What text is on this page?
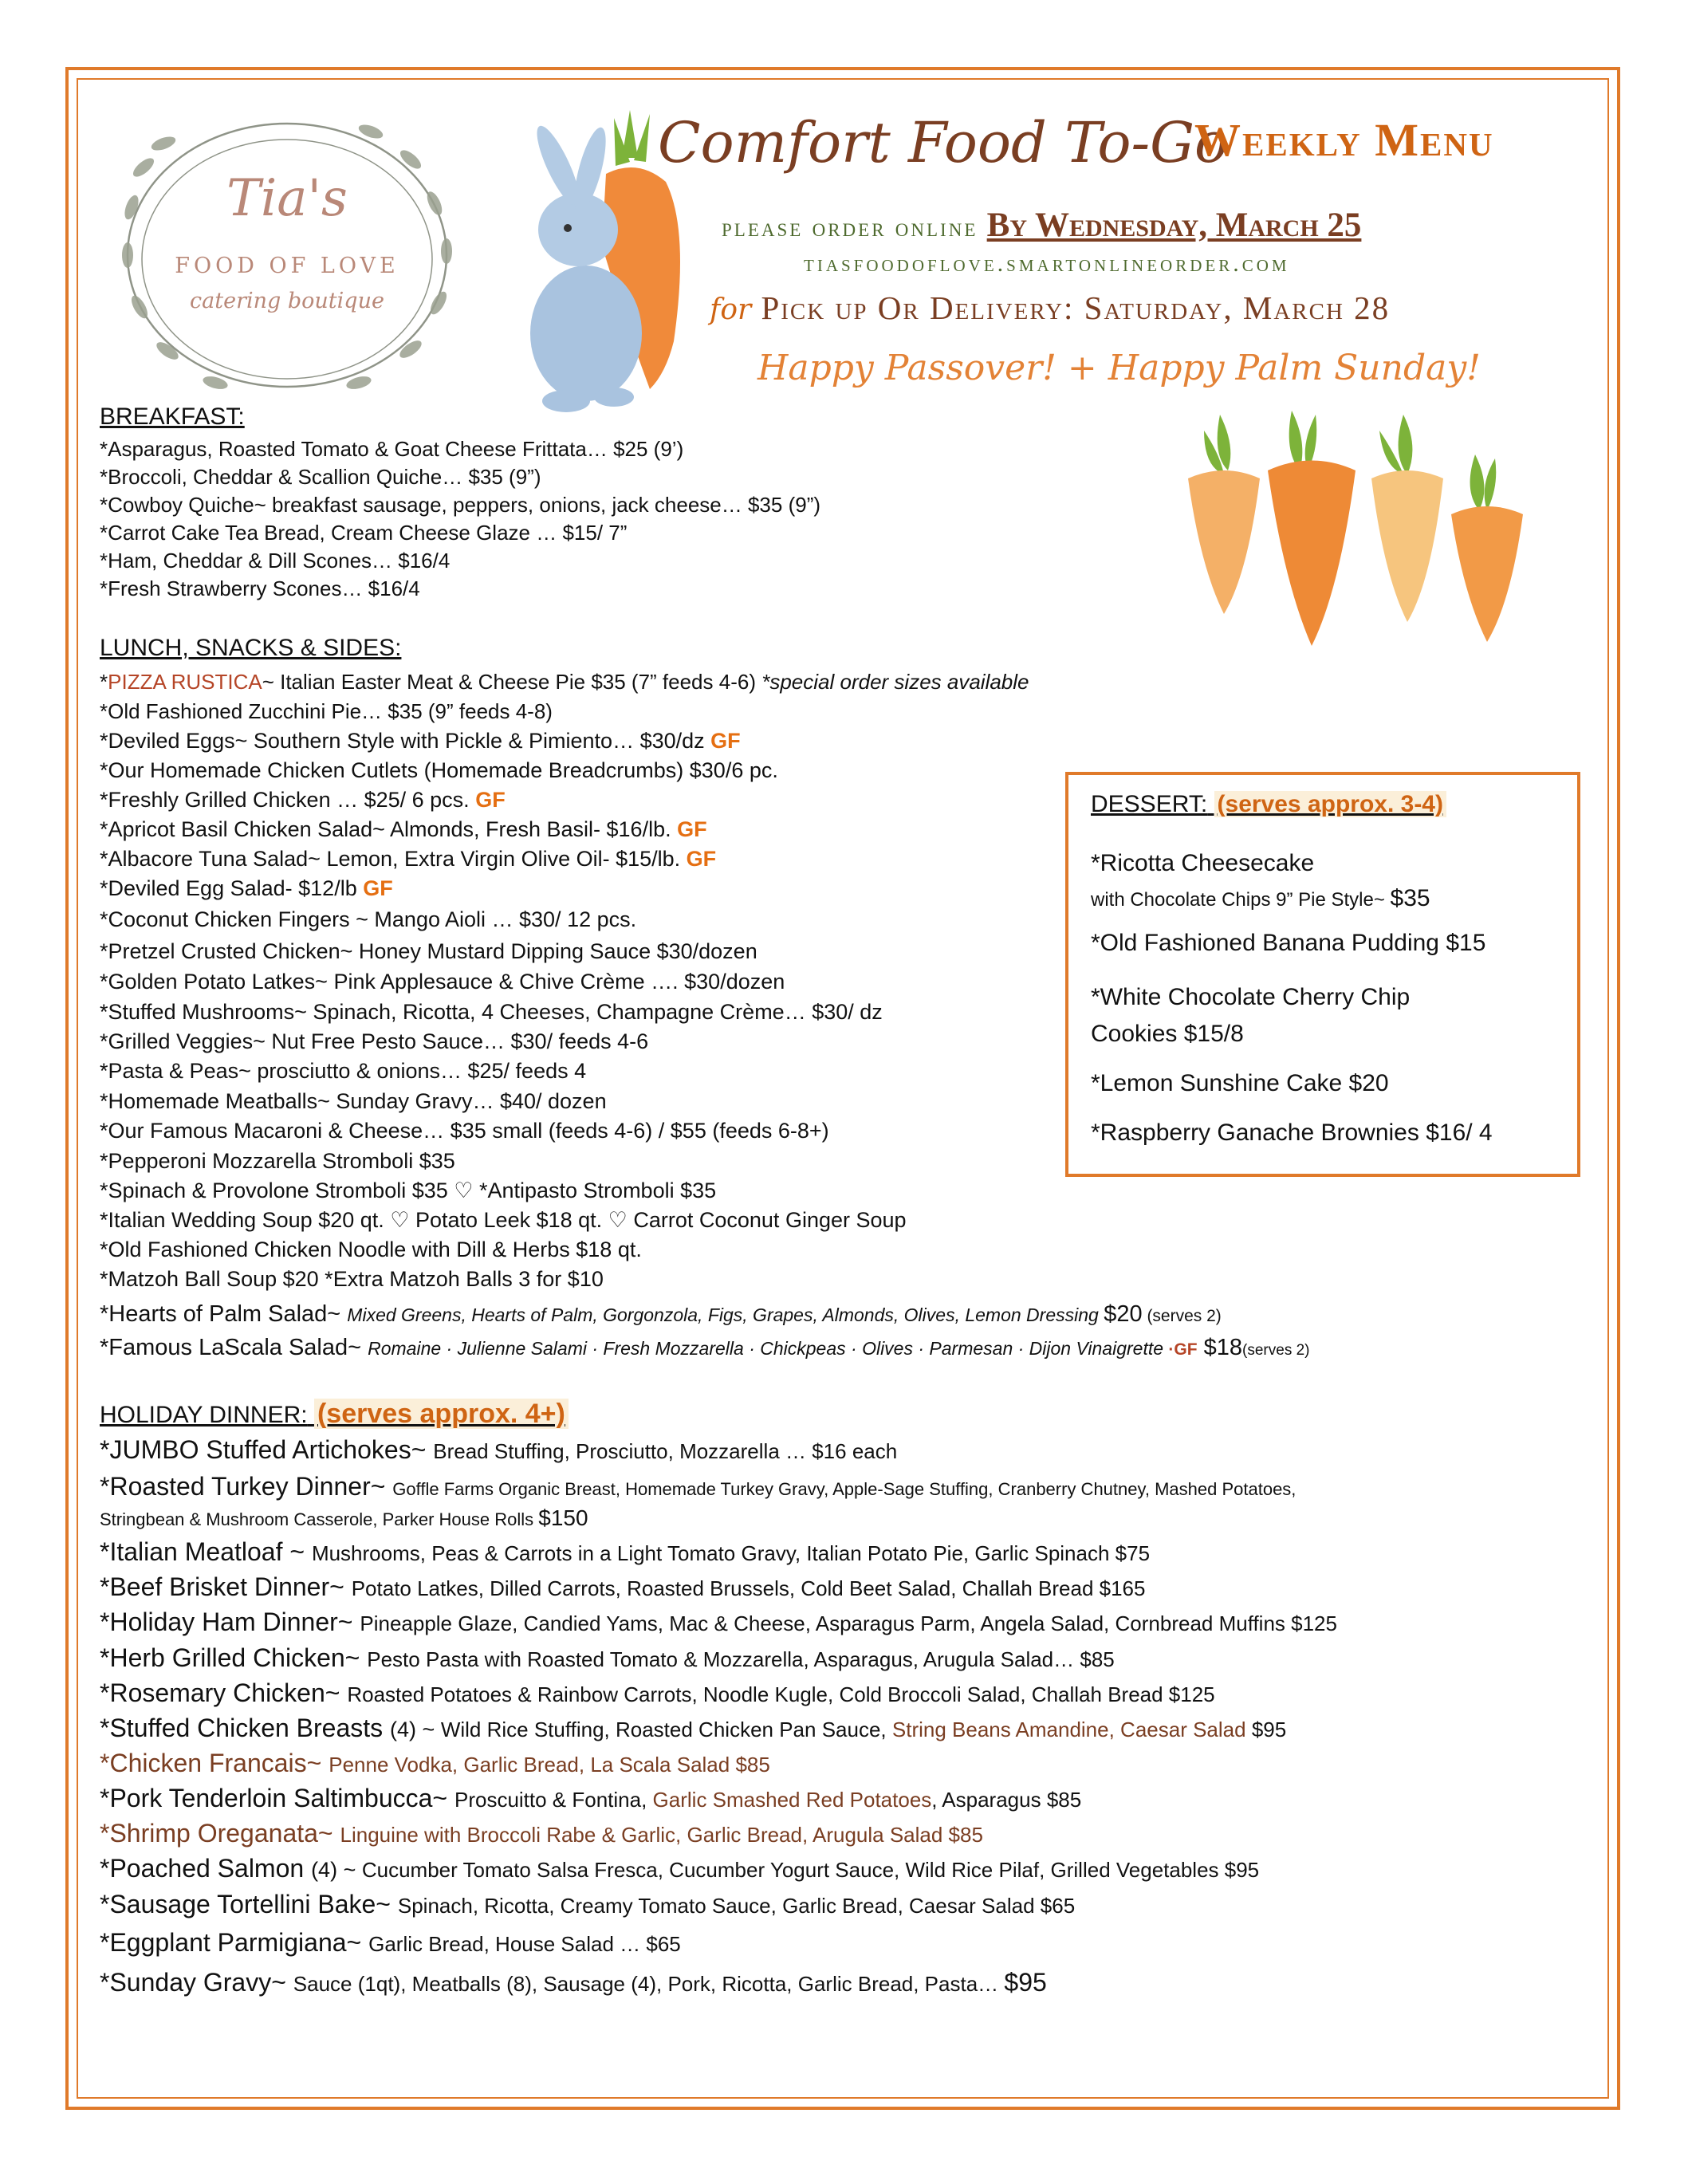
Tia's
FOOD OF LOVE
catering boutique
Comfort Food To-Go
Weekly Menu
please order online By Wednesday, March 25
tiasfoodoflove.smartonlineorder.com
for Pick up Or Delivery: Saturday, March 28
Happy Passover! + Happy Palm Sunday!
BREAKFAST:
*Asparagus, Roasted Tomato & Goat Cheese Frittata… $25 (9’)
*Broccoli, Cheddar & Scallion Quiche… $35 (9”)
*Cowboy Quiche~ breakfast sausage, peppers, onions, jack cheese… $35 (9”)
*Carrot Cake Tea Bread, Cream Cheese Glaze … $15/ 7”
*Ham, Cheddar & Dill Scones… $16/4
*Fresh Strawberry Scones… $16/4
LUNCH, SNACKS & SIDES:
*PIZZA RUSTICA~ Italian Easter Meat & Cheese Pie $35 (7” feeds 4-6) *special order sizes available
*Old Fashioned Zucchini Pie… $35 (9” feeds 4-8)
*Deviled Eggs~ Southern Style with Pickle & Pimiento… $30/dz GF
*Our Homemade Chicken Cutlets (Homemade Breadcrumbs) $30/6 pc.
*Freshly Grilled Chicken … $25/ 6 pcs. GF
*Apricot Basil Chicken Salad~ Almonds, Fresh Basil- $16/lb. GF
*Albacore Tuna Salad~ Lemon, Extra Virgin Olive Oil- $15/lb. GF
*Deviled Egg Salad- $12/lb GF
*Coconut Chicken Fingers ~ Mango Aioli … $30/ 12 pcs.
*Pretzel Crusted Chicken~ Honey Mustard Dipping Sauce $30/dozen
*Golden Potato Latkes~ Pink Applesauce & Chive Crème …. $30/dozen
*Stuffed Mushrooms~ Spinach, Ricotta, 4 Cheeses, Champagne Crème… $30/ dz
*Grilled Veggies~ Nut Free Pesto Sauce… $30/ feeds 4-6
*Pasta & Peas~ prosciutto & onions… $25/ feeds 4
*Homemade Meatballs~ Sunday Gravy… $40/ dozen
*Our Famous Macaroni & Cheese… $35 small (feeds 4-6) / $55 (feeds 6-8+)
*Pepperoni Mozzarella Stromboli $35
*Spinach & Provolone Stromboli $35 ♡ *Antipasto Stromboli $35
*Italian Wedding Soup $20 qt. ♡ Potato Leek $18 qt. ♡ Carrot Coconut Ginger Soup
*Old Fashioned Chicken Noodle with Dill & Herbs $18 qt.
*Matzoh Ball Soup $20 *Extra Matzoh Balls 3 for $10
*Hearts of Palm Salad~ Mixed Greens, Hearts of Palm, Gorgonzola, Figs, Grapes, Almonds, Olives, Lemon Dressing $20 (serves 2)
*Famous LaScala Salad~ Romaine · Julienne Salami · Fresh Mozzarella · Chickpeas · Olives · Parmesan · Dijon Vinaigrette ·GF $18(serves 2)
DESSERT: (serves approx. 3-4)
*Ricotta Cheesecake
with Chocolate Chips 9” Pie Style~ $35
*Old Fashioned Banana Pudding $15
*White Chocolate Cherry Chip
Cookies $15/8
*Lemon Sunshine Cake $20
*Raspberry Ganache Brownies $16/ 4
HOLIDAY DINNER: (serves approx. 4+)
*JUMBO Stuffed Artichokes~ Bread Stuffing, Prosciutto, Mozzarella … $16 each
*Roasted Turkey Dinner~ Goffle Farms Organic Breast, Homemade Turkey Gravy, Apple-Sage Stuffing, Cranberry Chutney, Mashed Potatoes,
Stringbean & Mushroom Casserole, Parker House Rolls $150
*Italian Meatloaf ~ Mushrooms, Peas & Carrots in a Light Tomato Gravy, Italian Potato Pie, Garlic Spinach $75
*Beef Brisket Dinner~ Potato Latkes, Dilled Carrots, Roasted Brussels, Cold Beet Salad, Challah Bread $165
*Holiday Ham Dinner~ Pineapple Glaze, Candied Yams, Mac & Cheese, Asparagus Parm, Angela Salad, Cornbread Muffins $125
*Herb Grilled Chicken~ Pesto Pasta with Roasted Tomato & Mozzarella, Asparagus, Arugula Salad… $85
*Rosemary Chicken~ Roasted Potatoes & Rainbow Carrots, Noodle Kugle, Cold Broccoli Salad, Challah Bread $125
*Stuffed Chicken Breasts (4) ~ Wild Rice Stuffing, Roasted Chicken Pan Sauce, String Beans Amandine, Caesar Salad $95
*Chicken Francais~ Penne Vodka, Garlic Bread, La Scala Salad $85
*Pork Tenderloin Saltimbucca~ Proscuitto & Fontina, Garlic Smashed Red Potatoes, Asparagus $85
*Shrimp Oreganata~ Linguine with Broccoli Rabe & Garlic, Garlic Bread, Arugula Salad $85
*Poached Salmon (4) ~ Cucumber Tomato Salsa Fresca, Cucumber Yogurt Sauce, Wild Rice Pilaf, Grilled Vegetables $95
*Sausage Tortellini Bake~ Spinach, Ricotta, Creamy Tomato Sauce, Garlic Bread, Caesar Salad $65
*Eggplant Parmigiana~ Garlic Bread, House Salad … $65
*Sunday Gravy~ Sauce (1qt), Meatballs (8), Sausage (4), Pork, Ricotta, Garlic Bread, Pasta… $95
